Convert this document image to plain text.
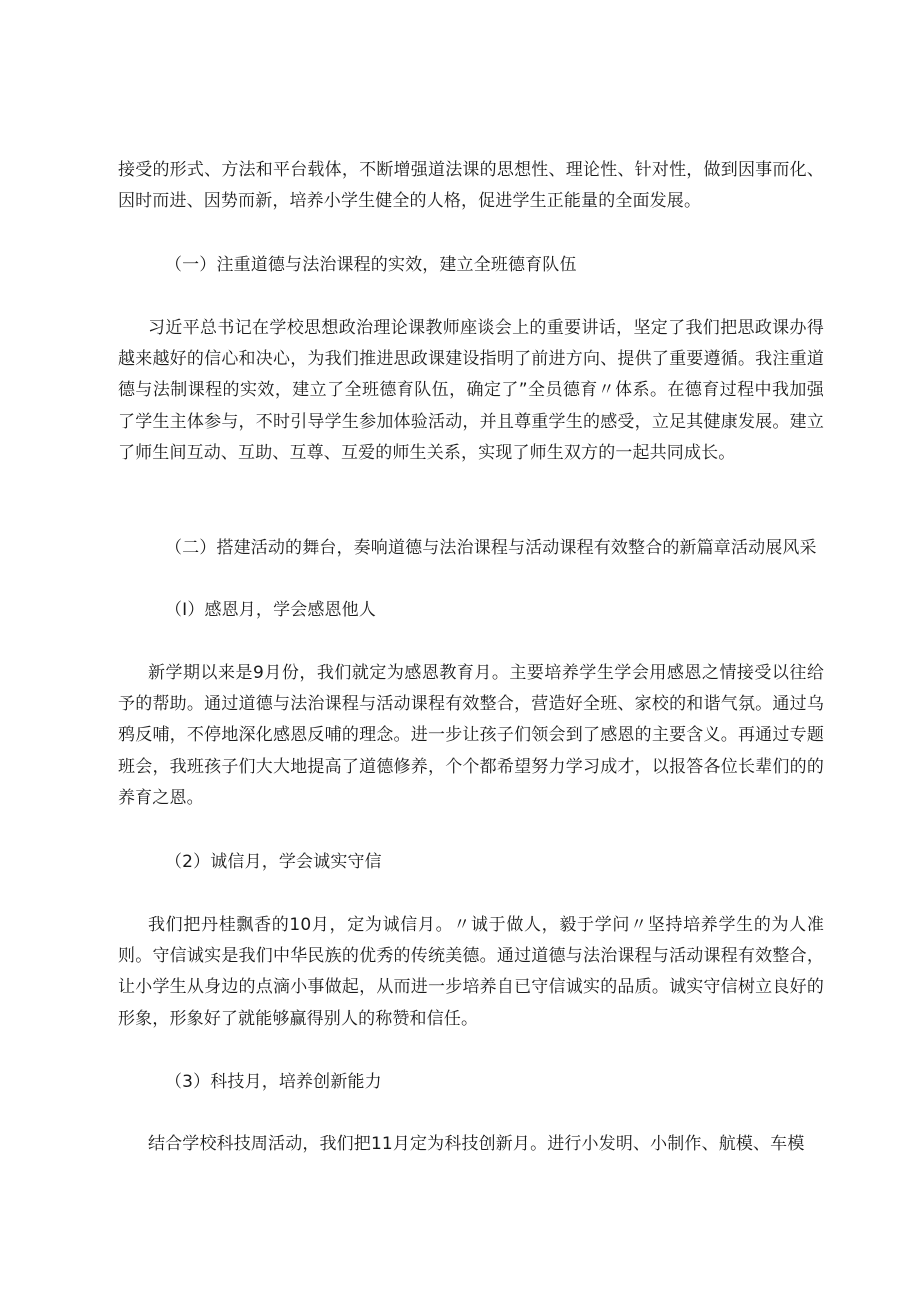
接受的形式、方法和平台载体，不断增强道法课的思想性、理论性、针对性，做到因事而化、因时而进、因势而新，培养小学生健全的人格，促进学生正能量的全面发展。

（一）注重道德与法治课程的实效，建立全班德育队伍

习近平总书记在学校思想政治理论课教师座谈会上的重要讲话，坚定了我们把思政课办得越来越好的信心和决心，为我们推进思政课建设指明了前进方向、提供了重要遵循。我注重道德与法制课程的实效，建立了全班德育队伍，确定了”全员德育〃体系。在德育过程中我加强了学生主体参与，不时引导学生参加体验活动，并且尊重学生的感受，立足其健康发展。建立了师生间互动、互助、互尊、互爱的师生关系，实现了师生双方的一起共同成长。

（二）搭建活动的舞台，奏响道德与法治课程与活动课程有效整合的新篇章活动展风采

（I）感恩月，学会感恩他人

新学期以来是9月份，我们就定为感恩教育月。主要培养学生学会用感恩之情接受以往给予的帮助。通过道德与法治课程与活动课程有效整合，营造好全班、家校的和谐气氛。通过乌鸦反哺，不停地深化感恩反哺的理念。进一步让孩子们领会到了感恩的主要含义。再通过专题班会，我班孩子们大大地提高了道德修养，个个都希望努力学习成才，以报答各位长辈们的的养育之恩。

（2）诚信月，学会诚实守信

我们把丹桂飘香的10月，定为诚信月。〃诚于做人，毅于学问〃坚持培养学生的为人准则。守信诚实是我们中华民族的优秀的传统美德。通过道德与法治课程与活动课程有效整合，让小学生从身边的点滴小事做起，从而进一步培养自已守信诚实的品质。诚实守信树立良好的形象，形象好了就能够赢得别人的称赞和信任。

（3）科技月，培养创新能力

结合学校科技周活动，我们把11月定为科技创新月。进行小发明、小制作、航模、车模
